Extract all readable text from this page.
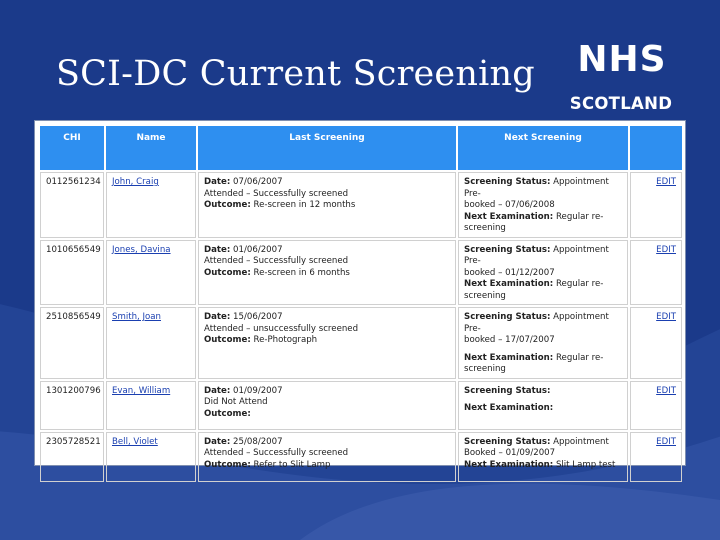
SCI-DC Current Screening NHS
SCOTLAND
CHI	Name	Last Screening	Next Screening	
0112561234	John, Craig	Date: 07/06/2007
Attended – Successfully screened
Outcome: Re-screen in 12 months	Screening Status: Appointment Pre-
booked – 07/06/2008
Next Examination: Regular re-
screening	EDIT
1010656549	Jones, Davina	Date: 01/06/2007
Attended – Successfully screened
Outcome: Re-screen in 6 months	Screening Status: Appointment Pre-
booked – 01/12/2007
Next Examination: Regular re-
screening	EDIT
2510856549	Smith, Joan	Date: 15/06/2007
Attended – unsuccessfully screened
Outcome: Re-Photograph	Screening Status: Appointment Pre-
booked – 17/07/2007
Next Examination: Regular re-
screening	EDIT
1301200796	Evan, William	Date: 01/09/2007
Did Not Attend
Outcome:	Screening Status:
Next Examination:	EDIT
2305728521	Bell, Violet	Date: 25/08/2007
Attended – Successfully screened
Outcome: Refer to Slit Lamp	Screening Status: Appointment
Booked – 01/09/2007
Next Examination: Slit Lamp test	EDIT
